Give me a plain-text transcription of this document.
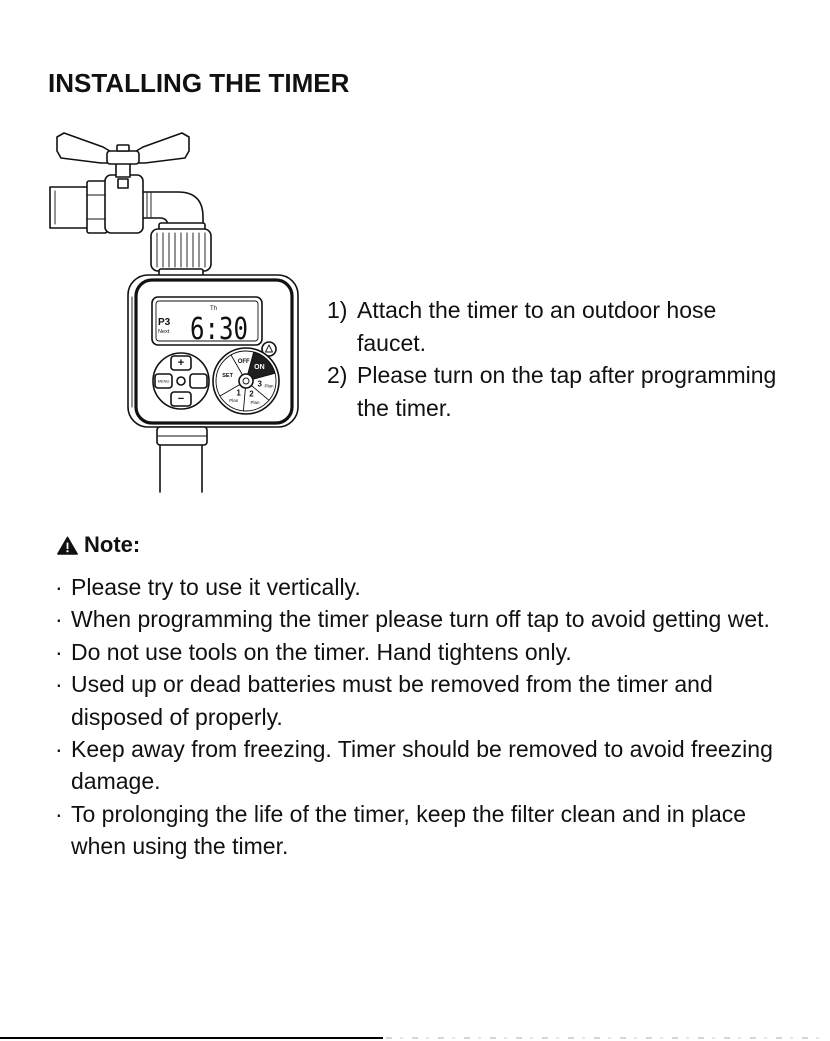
INSTALLING THE TIMER
Th
P3
Next 6:30
+
−
MENU
OFF
ON
3 Plan
2
Plan
1
Plan
SET
1) Attach the timer to an outdoor hose
faucet.
2) Please turn on the tap after programming
the timer.
Note:
· Please try to use it vertically.
· When programming the timer please turn off tap to avoid getting wet.
· Do not use tools on the timer. Hand tightens only.
· Used up or dead batteries must be removed from the timer and
disposed of properly.
· Keep away from freezing. Timer should be removed to avoid freezing
damage.
· To prolonging the life of the timer, keep the filter clean and in place
when using the timer.
